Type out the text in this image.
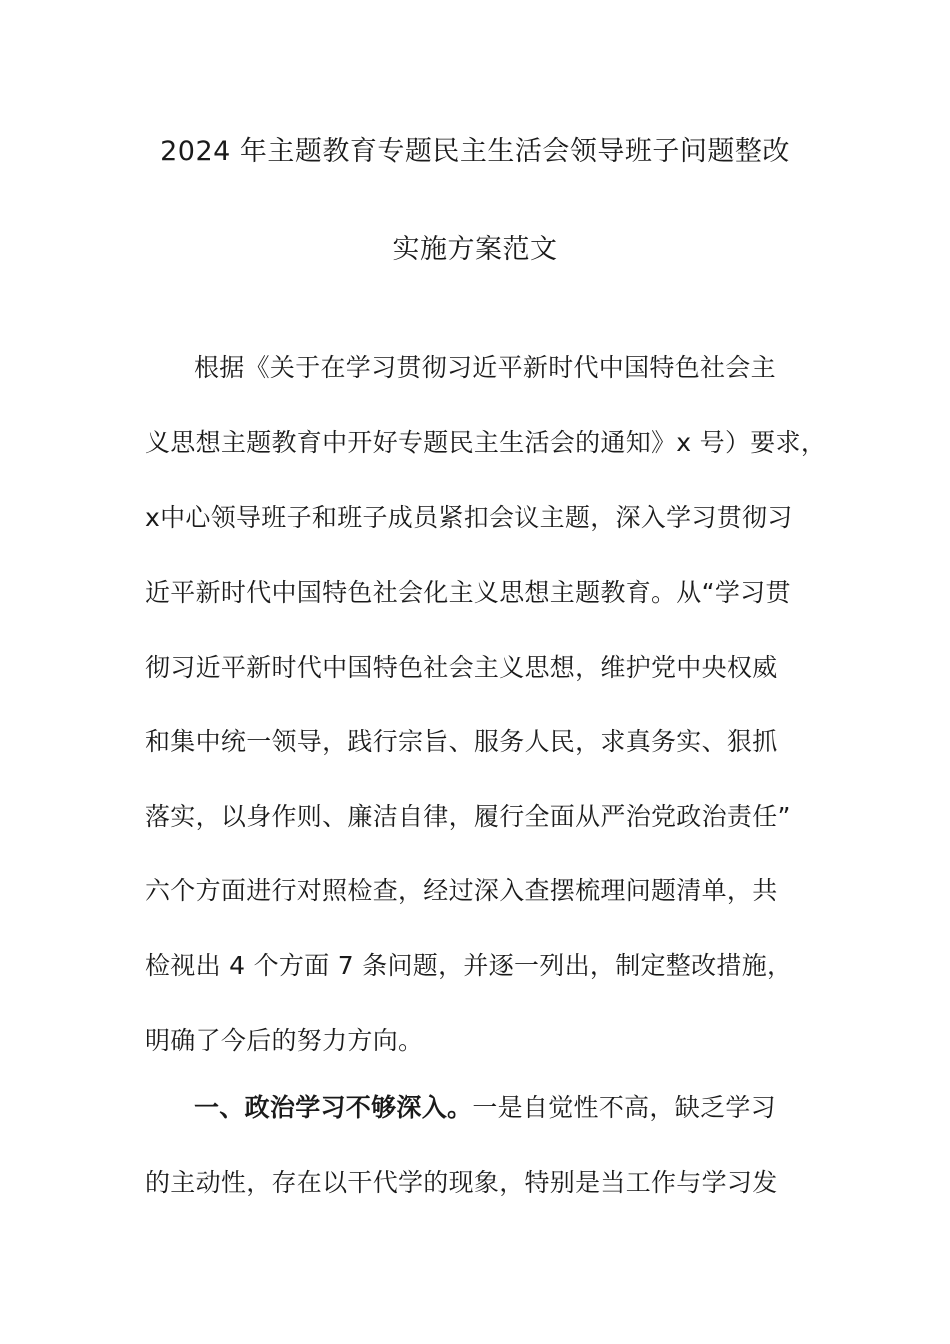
2024 年主题教育专题民主生活会领导班子问题整改
实施方案范文
根据《关于在学习贯彻习近平新时代中国特色社会主
义思想主题教育中开好专题民主生活会的通知》x 号）要求，
x中心领导班子和班子成员紧扣会议主题，深入学习贯彻习
近平新时代中国特色社会化主义思想主题教育。从“学习贯
彻习近平新时代中国特色社会主义思想，维护党中央权威
和集中统一领导，践行宗旨、服务人民，求真务实、狠抓
落实，以身作则、廉洁自律，履行全面从严治党政治责任”
六个方面进行对照检查，经过深入查摆梳理问题清单，共
检视出 4 个方面 7 条问题，并逐一列出，制定整改措施，
明确了今后的努力方向。
一、政治学习不够深入。一是自觉性不高，缺乏学习
的主动性，存在以干代学的现象，特别是当工作与学习发
